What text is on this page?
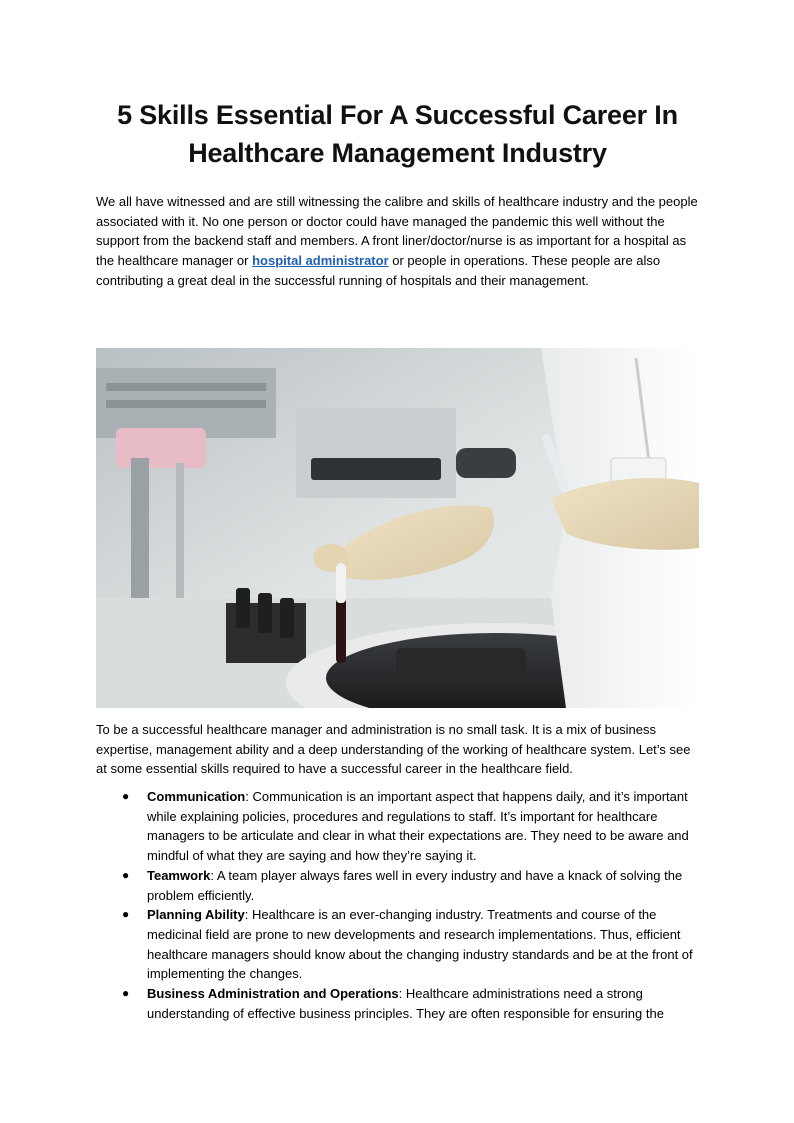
5 Skills Essential For A Successful Career In Healthcare Management Industry

We all have witnessed and are still witnessing the calibre and skills of healthcare industry and the people associated with it. No one person or doctor could have managed the pandemic this well without the support from the backend staff and members. A front liner/doctor/nurse is as important for a hospital as the healthcare manager or hospital administrator or people in operations. These people are also contributing a great deal in the successful running of hospitals and their management.

To be a successful healthcare manager and administration is no small task. It is a mix of business expertise, management ability and a deep understanding of the working of healthcare system. Let’s see at some essential skills required to have a successful career in the healthcare field.

● Communication: Communication is an important aspect that happens daily, and it’s important while explaining policies, procedures and regulations to staff. It’s important for healthcare managers to be articulate and clear in what their expectations are. They need to be aware and mindful of what they are saying and how they’re saying it.
● Teamwork: A team player always fares well in every industry and have a knack of solving the problem efficiently.
● Planning Ability: Healthcare is an ever-changing industry. Treatments and course of the medicinal field are prone to new developments and research implementations. Thus, efficient healthcare managers should know about the changing industry standards and be at the front of implementing the changes.
● Business Administration and Operations: Healthcare administrations need a strong understanding of effective business principles. They are often responsible for ensuring the
